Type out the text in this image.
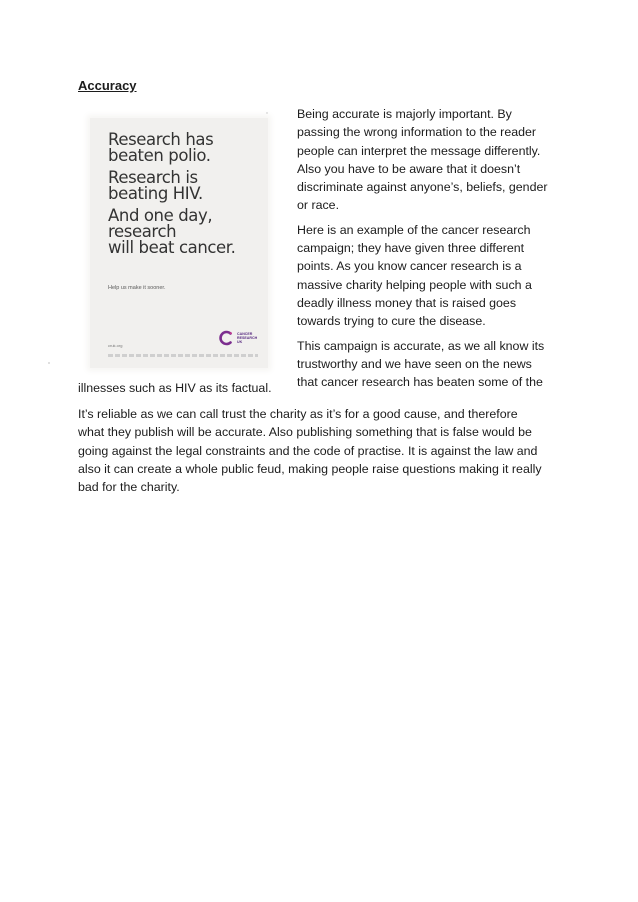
Accuracy
Research has
beaten polio.
Research is
beating HIV.
And one day,
research
will beat cancer.

Help us make it sooner.

CANCER
RESEARCH
UK

cruk.org

Being accurate is majorly important. By
passing the wrong information to the reader
people can interpret the message differently.
Also you have to be aware that it doesn’t
discriminate against anyone’s, beliefs, gender
or race.

Here is an example of the cancer research
campaign; they have given three different
points. As you know cancer research is a
massive charity helping people with such a
deadly illness money that is raised goes
towards trying to cure the disease.

This campaign is accurate, as we all know its
trustworthy and we have seen on the news
that cancer research has beaten some of the

illnesses such as HIV as its factual.

It’s reliable as we can call trust the charity as it’s for a good cause, and therefore
what they publish will be accurate. Also publishing something that is false would be
going against the legal constraints and the code of practise. It is against the law and
also it can create a whole public feud, making people raise questions making it really
bad for the charity.
